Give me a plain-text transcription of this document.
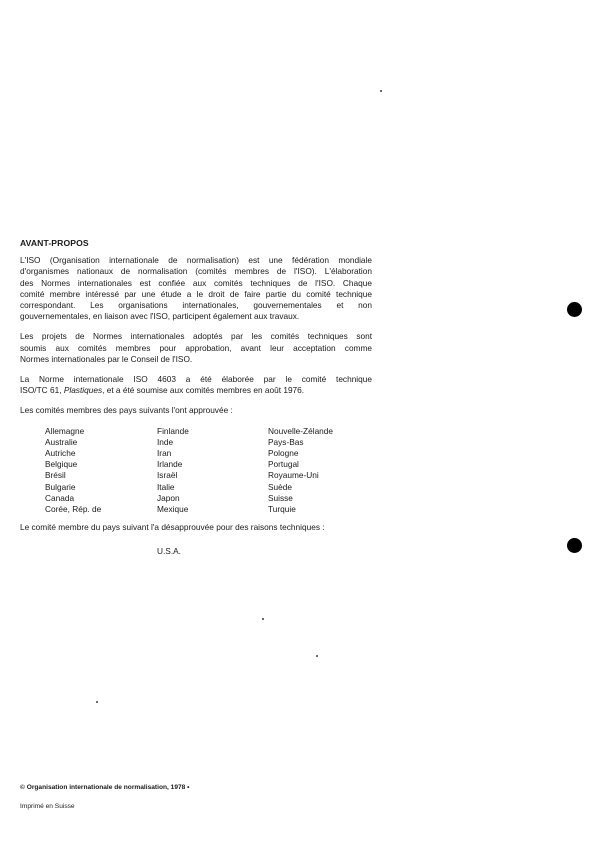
AVANT-PROPOS
L'ISO (Organisation internationale de normalisation) est une fédération mondiale
d'organismes nationaux de normalisation (comités membres de l'ISO). L'élaboration
des Normes internationales est confiée aux comités techniques de l'ISO. Chaque
comité membre intéressé par une étude a le droit de faire partie du comité technique
correspondant. Les organisations internationales, gouvernementales et non
gouvernementales, en liaison avec l'ISO, participent également aux travaux.
Les projets de Normes internationales adoptés par les comités techniques sont
soumis aux comités membres pour approbation, avant leur acceptation comme
Normes internationales par le Conseil de l'ISO.
La Norme internationale ISO 4603 a été élaborée par le comité technique
ISO/TC 61, Plastiques, et a été soumise aux comités membres en août 1976.
Les comités membres des pays suivants l'ont approuvée :
Allemagne
Australie
Autriche
Belgique
Brésil
Bulgarie
Canada
Corée, Rép. de
Finlande
Inde
Iran
Irlande
Israël
Italie
Japon
Mexique
Nouvelle-Zélande
Pays-Bas
Pologne
Portugal
Royaume-Uni
Suède
Suisse
Turquie
Le comité membre du pays suivant l'a désapprouvée pour des raisons techniques :
U.S.A.
© Organisation internationale de normalisation, 1978 •
Imprimé en Suisse
